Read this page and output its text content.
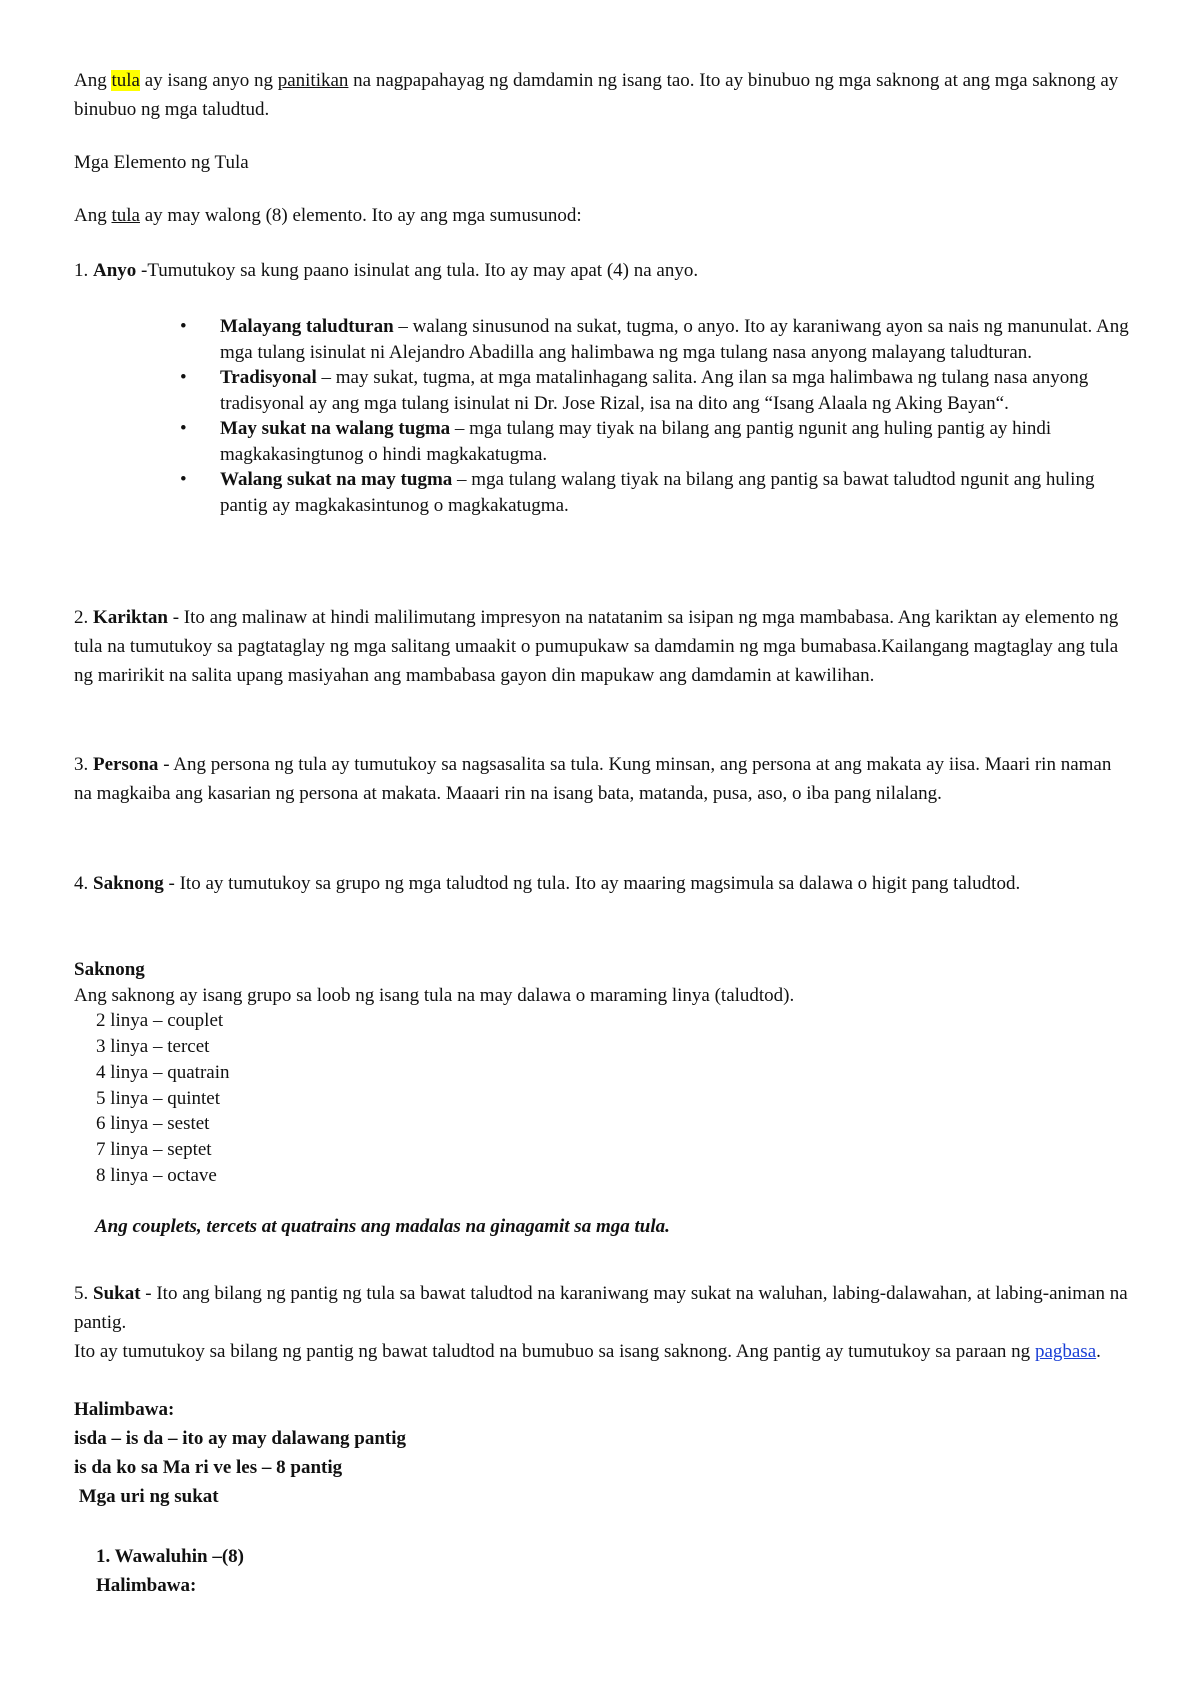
Ang tula ay isang anyo ng panitikan na nagpapahayag ng damdamin ng isang tao. Ito ay binubuo ng mga saknong at ang mga saknong ay binubuo ng mga taludtud.

Mga Elemento ng Tula

Ang tula ay may walong (8) elemento. Ito ay ang mga sumusunod:

1. Anyo -Tumutukoy sa kung paano isinulat ang tula. Ito ay may apat (4) na anyo.

• Malayang taludturan – walang sinusunod na sukat, tugma, o anyo. Ito ay karaniwang ayon sa nais ng manunulat. Ang mga tulang isinulat ni Alejandro Abadilla ang halimbawa ng mga tulang nasa anyong malayang taludturan.
• Tradisyonal – may sukat, tugma, at mga matalinhagang salita. Ang ilan sa mga halimbawa ng tulang nasa anyong tradisyonal ay ang mga tulang isinulat ni Dr. Jose Rizal, isa na dito ang “Isang Alaala ng Aking Bayan“.
• May sukat na walang tugma – mga tulang may tiyak na bilang ang pantig ngunit ang huling pantig ay hindi magkakasingtunog o hindi magkakatugma.
• Walang sukat na may tugma – mga tulang walang tiyak na bilang ang pantig sa bawat taludtod ngunit ang huling pantig ay magkakasintunog o magkakatugma.

2. Kariktan - Ito ang malinaw at hindi malilimutang impresyon na natatanim sa isipan ng mga mambabasa. Ang kariktan ay elemento ng tula na tumutukoy sa pagtataglay ng mga salitang umaakit o pumupukaw sa damdamin ng mga bumabasa.Kailangang magtaglay ang tula ng maririkit na salita upang masiyahan ang mambabasa gayon din mapukaw ang damdamin at kawilihan.

3. Persona - Ang persona ng tula ay tumutukoy sa nagsasalita sa tula. Kung minsan, ang persona at ang makata ay iisa. Maari rin naman na magkaiba ang kasarian ng persona at makata. Maaari rin na isang bata, matanda, pusa, aso, o iba pang nilalang.

4. Saknong - Ito ay tumutukoy sa grupo ng mga taludtod ng tula. Ito ay maaring magsimula sa dalawa o higit pang taludtod.

Saknong
Ang saknong ay isang grupo sa loob ng isang tula na may dalawa o maraming linya (taludtod).
2 linya – couplet
3 linya – tercet
4 linya – quatrain
5 linya – quintet
6 linya – sestet
7 linya – septet
8 linya – octave

Ang couplets, tercets at quatrains ang madalas na ginagamit sa mga tula.

5. Sukat - Ito ang bilang ng pantig ng tula sa bawat taludtod na karaniwang may sukat na waluhan, labing-dalawahan, at labing-animan na pantig.
Ito ay tumutukoy sa bilang ng pantig ng bawat taludtod na bumubuo sa isang saknong. Ang pantig ay tumutukoy sa paraan ng pagbasa.

Halimbawa:
isda – is da – ito ay may dalawang pantig
is da ko sa Ma ri ve les – 8 pantig
Mga uri ng sukat
1. Wawaluhin –(8)
Halimbawa:
